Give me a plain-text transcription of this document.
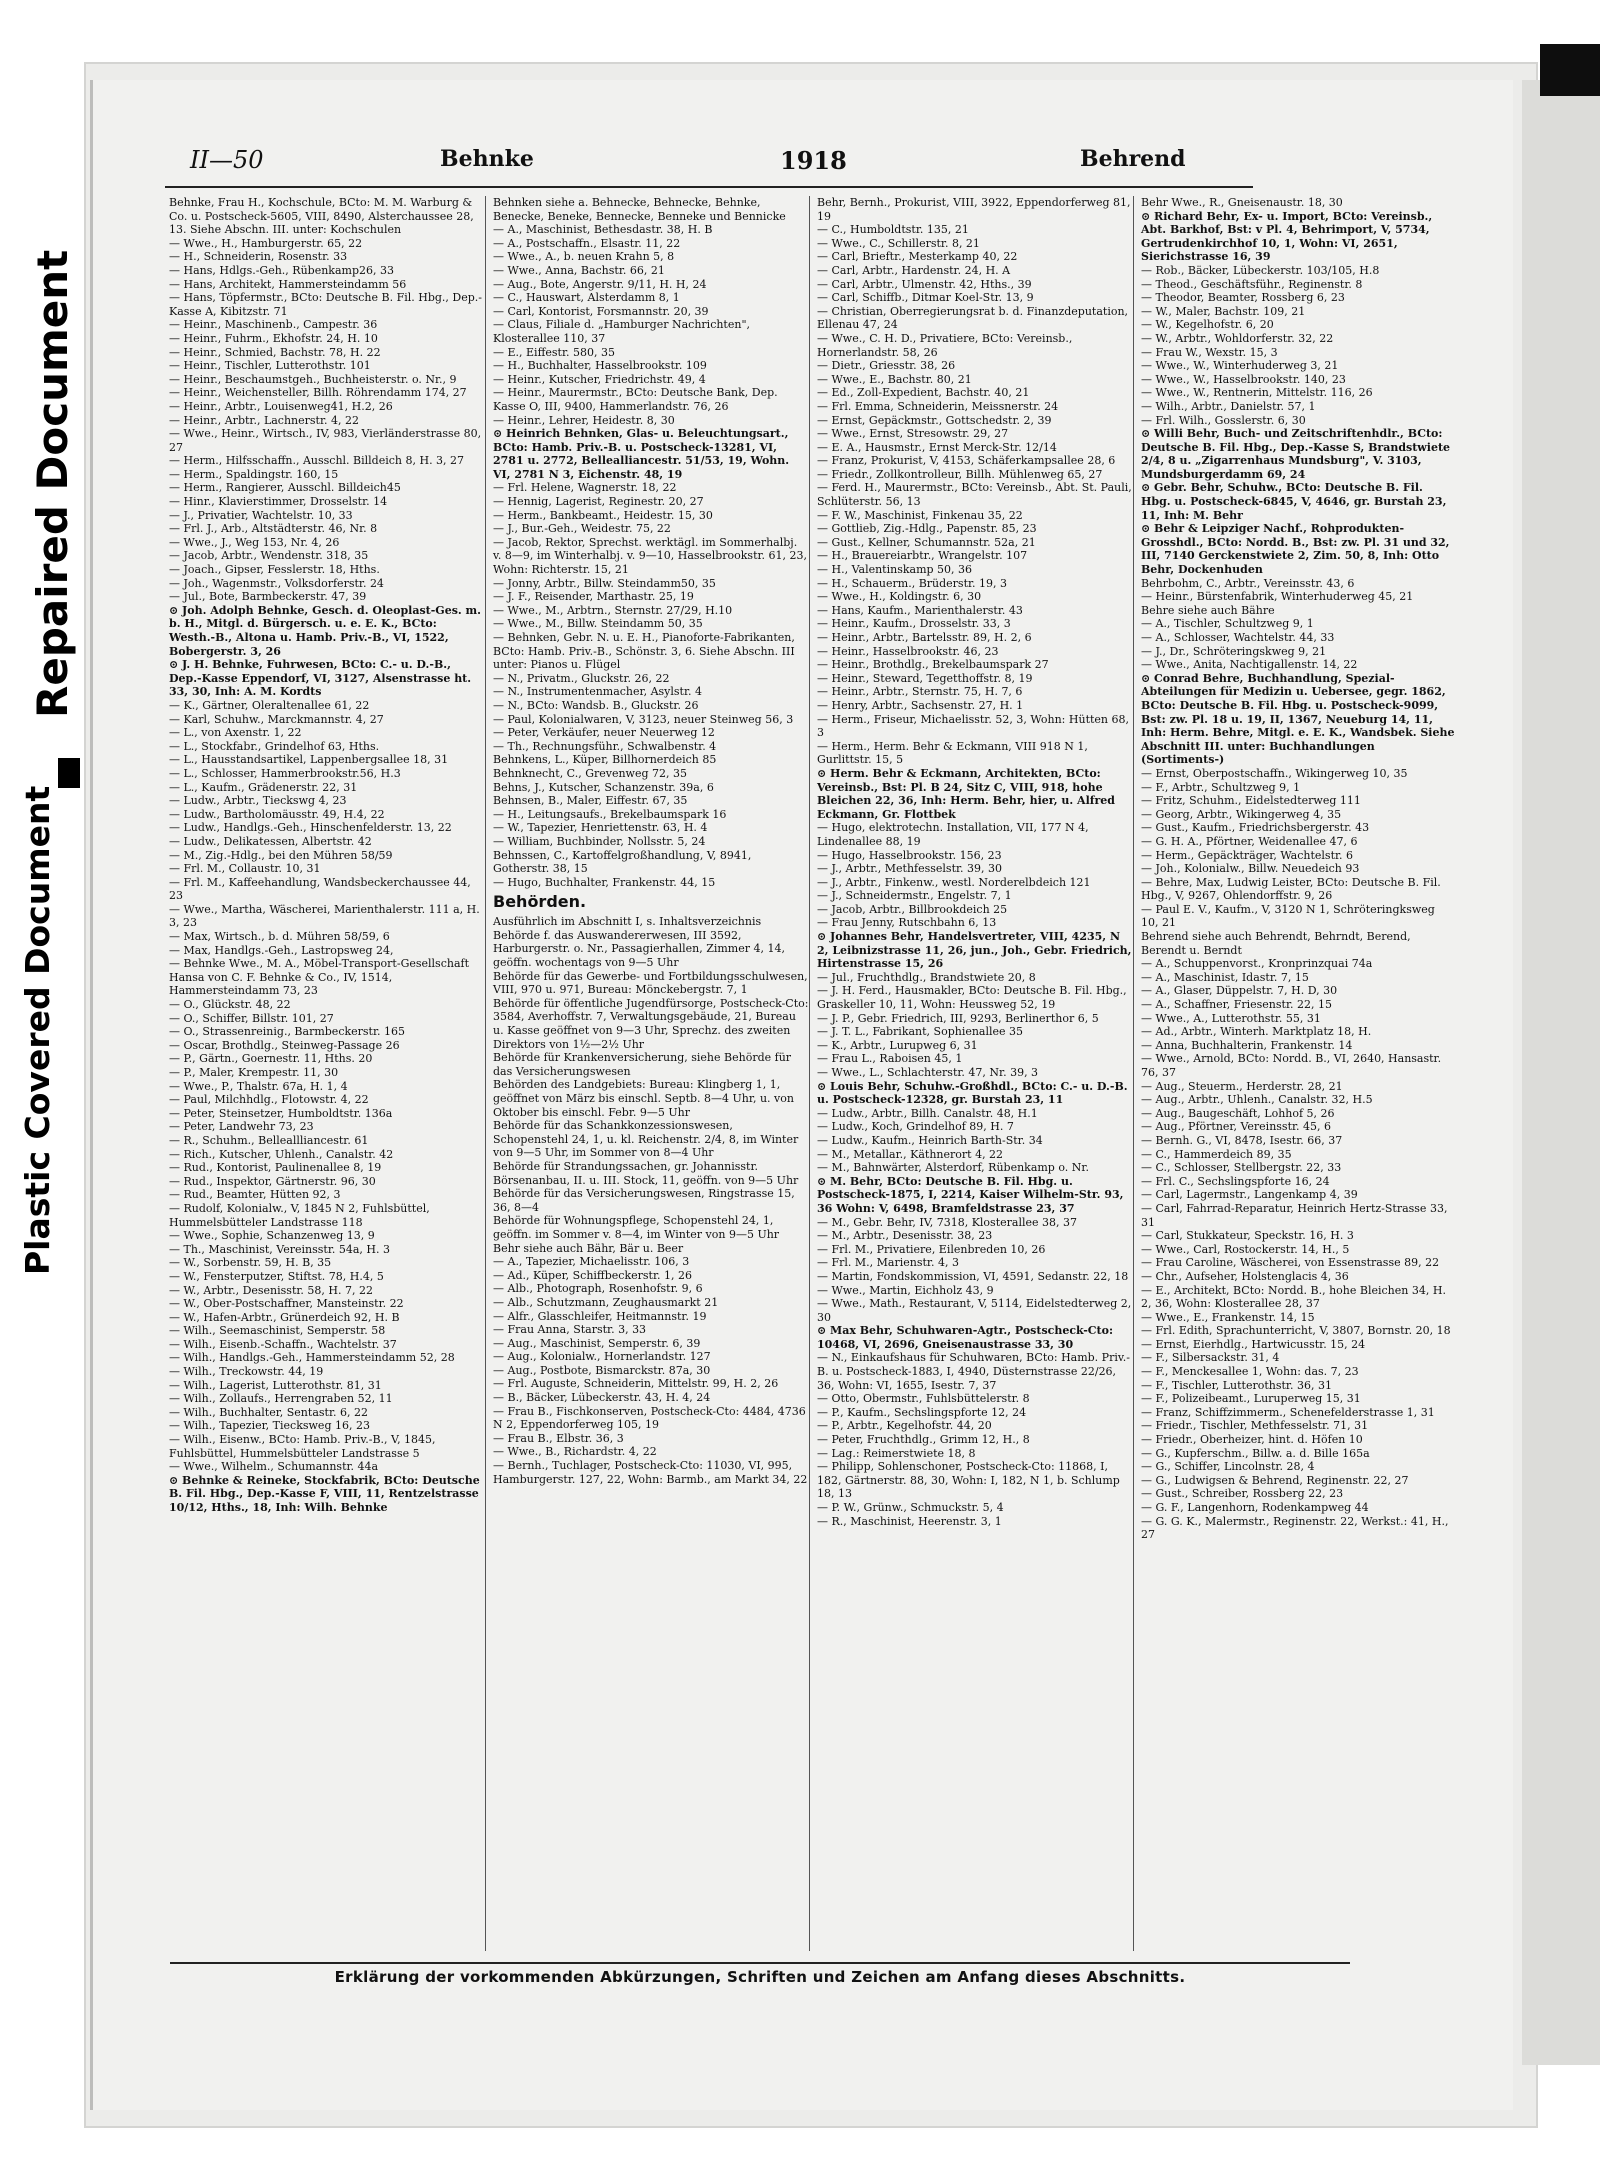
Plastic Covered Document
Repaired Document
II—50	Behnke	1918	Behrend

Behnke, Frau H., Kochschule, BCto: M. M. Warburg & Co. u. Postscheck-5605, VIII, 8490, Alsterchaussee 28, 13. Siehe Abschn. III. unter: Kochschulen

— Wwe., H., Hamburgerstr. 65, 22

— H., Schneiderin, Rosenstr. 33

— Hans, Hdlgs.-Geh., Rübenkamp26, 33

— Hans, Architekt, Hammersteindamm 56

— Hans, Töpfermstr., BCto: Deutsche B. Fil. Hbg., Dep.-Kasse A, Kibitzstr. 71

— Heinr., Maschinenb., Campestr. 36

— Heinr., Fuhrm., Ekhofstr. 24, H. 10

— Heinr., Schmied, Bachstr. 78, H. 22

— Heinr., Tischler, Lutterothstr. 101

— Heinr., Beschaumstgeh., Buchheisterstr. o. Nr., 9

— Heinr., Weichensteller, Billh. Röhrendamm 174, 27

— Heinr., Arbtr., Louisenweg41, H.2, 26

— Heinr., Arbtr., Lachnerstr. 4, 22

— Wwe., Heinr., Wirtsch., IV, 983, Vierländerstrasse 80, 27

— Herm., Hilfsschaffn., Ausschl. Billdeich 8, H. 3, 27

— Herm., Spaldingstr. 160, 15

— Herm., Rangierer, Ausschl. Billdeich45

— Hinr., Klavierstimmer, Drosselstr. 14

— J., Privatier, Wachtelstr. 10, 33

— Frl. J., Arb., Altstädterstr. 46, Nr. 8

— Wwe., J., Weg 153, Nr. 4, 26

— Jacob, Arbtr., Wendenstr. 318, 35

— Joach., Gipser, Fesslerstr. 18, Hths.

— Joh., Wagenmstr., Volksdorferstr. 24

— Jul., Bote, Barmbeckerstr. 47, 39

⊙ Joh. Adolph Behnke, Gesch. d. Oleoplast-Ges. m. b. H., Mitgl. d. Bürgersch. u. e. E. K., BCto: Westh.-B., Altona u. Hamb. Priv.-B., VI, 1522, Bobergerstr. 3, 26

⊙ J. H. Behnke, Fuhrwesen, BCto: C.- u. D.-B., Dep.-Kasse Eppendorf, VI, 3127, Alsenstrasse ht. 33, 30, Inh: A. M. Kordts

— K., Gärtner, Oleraltenallee 61, 22

— Karl, Schuhw., Marckmannstr. 4, 27

— L., von Axenstr. 1, 22

— L., Stockfabr., Grindelhof 63, Hths.

— L., Hausstandsartikel, Lappenbergsallee 18, 31

— L., Schlosser, Hammerbrookstr.56, H.3

— L., Kaufm., Grädenerstr. 22, 31

— Ludw., Arbtr., Tieckswg 4, 23

— Ludw., Bartholomäusstr. 49, H.4, 22

— Ludw., Handlgs.-Geh., Hinschenfelderstr. 13, 22

— Ludw., Delikatessen, Albertstr. 42

— M., Zig.-Hdlg., bei den Mühren 58/59

— Frl. M., Collaustr. 10, 31

— Frl. M., Kaffeehandlung, Wandsbeckerchaussee 44, 23

— Wwe., Martha, Wäscherei, Marienthalerstr. 111 a, H. 3, 23

— Max, Wirtsch., b. d. Mühren 58/59, 6

— Max, Handlgs.-Geh., Lastropsweg 24,

— Behnke Wwe., M. A., Möbel-Transport-Gesellschaft Hansa von C. F. Behnke & Co., IV, 1514, Hammersteindamm 73, 23

— O., Glückstr. 48, 22

— O., Schiffer, Billstr. 101, 27

— O., Strassenreinig., Barmbeckerstr. 165

— Oscar, Brothdlg., Steinweg-Passage 26

— P., Gärtn., Goernestr. 11, Hths. 20

— P., Maler, Krempestr. 11, 30

— Wwe., P., Thalstr. 67a, H. 1, 4

— Paul, Milchhdlg., Flotowstr. 4, 22

— Peter, Steinsetzer, Humboldtstr. 136a

— Peter, Landwehr 73, 23

— R., Schuhm., Belleallliancestr. 61

— Rich., Kutscher, Uhlenh., Canalstr. 42

— Rud., Kontorist, Paulinenallee 8, 19

— Rud., Inspektor, Gärtnerstr. 96, 30

— Rud., Beamter, Hütten 92, 3

— Rudolf, Kolonialw., V, 1845 N 2, Fuhlsbüttel, Hummelsbütteler Landstrasse 118

— Wwe., Sophie, Schanzenweg 13, 9

— Th., Maschinist, Vereinsstr. 54a, H. 3

— W., Sorbenstr. 59, H. B, 35

— W., Fensterputzer, Stiftst. 78, H.4, 5

— W., Arbtr., Desenisstr. 58, H. 7, 22

— W., Ober-Postschaffner, Mansteinstr. 22

— W., Hafen-Arbtr., Grünerdeich 92, H. B

— Wilh., Seemaschinist, Semperstr. 58

— Wilh., Eisenb.-Schaffn., Wachtelstr. 37

— Wilh., Handlgs.-Geh., Hammersteindamm 52, 28

— Wilh., Treckowstr. 44, 19

— Wilh., Lagerist, Lutterothstr. 81, 31

— Wilh., Zollaufs., Herrengraben 52, 11

— Wilh., Buchhalter, Sentastr. 6, 22

— Wilh., Tapezier, Tiecksweg 16, 23

— Wilh., Eisenw., BCto: Hamb. Priv.-B., V, 1845, Fuhlsbüttel, Hummelsbütteler Landstrasse 5

— Wwe., Wilhelm., Schumannstr. 44a

⊙ Behnke & Reineke, Stockfabrik, BCto: Deutsche B. Fil. Hbg., Dep.-Kasse F, VIII, 11, Rentzelstrasse 10/12, Hths., 18, Inh: Wilh. Behnke

Behnken siehe a. Behnecke, Behnecke, Behnke, Benecke, Beneke, Bennecke, Benneke und Bennicke

— A., Maschinist, Bethesdastr. 38, H. B

— A., Postschaffn., Elsastr. 11, 22

— Wwe., A., b. neuen Krahn 5, 8

— Wwe., Anna, Bachstr. 66, 21

— Aug., Bote, Angerstr. 9/11, H. H, 24

— C., Hauswart, Alsterdamm 8, 1

— Carl, Kontorist, Forsmannstr. 20, 39

— Claus, Filiale d. „Hamburger Nachrichten", Klosterallee 110, 37

— E., Eiffestr. 580, 35

— H., Buchhalter, Hasselbrookstr. 109

— Heinr., Kutscher, Friedrichstr. 49, 4

— Heinr., Maurermstr., BCto: Deutsche Bank, Dep. Kasse O, III, 9400, Hammerlandstr. 76, 26

— Heinr., Lehrer, Heidestr. 8, 30

⊙ Heinrich Behnken, Glas- u. Beleuchtungsart., BCto: Hamb. Priv.-B. u. Postscheck-13281, VI, 2781 u. 2772, Bellealliancestr. 51/53, 19, Wohn. VI, 2781 N 3, Eichenstr. 48, 19

— Frl. Helene, Wagnerstr. 18, 22

— Hennig, Lagerist, Reginestr. 20, 27

— Herm., Bankbeamt., Heidestr. 15, 30

— J., Bur.-Geh., Weidestr. 75, 22

— Jacob, Rektor, Sprechst. werktägl. im Sommerhalbj. v. 8—9, im Winterhalbj. v. 9—10, Hasselbrookstr. 61, 23, Wohn: Richterstr. 15, 21

— Jonny, Arbtr., Billw. Steindamm50, 35

— J. F., Reisender, Marthastr. 25, 19

— Wwe., M., Arbtrn., Sternstr. 27/29, H.10

— Wwe., M., Billw. Steindamm 50, 35

— Behnken, Gebr. N. u. E. H., Pianoforte-Fabrikanten, BCto: Hamb. Priv.-B., Schönstr. 3, 6. Siehe Abschn. III unter: Pianos u. Flügel

— N., Privatm., Gluckstr. 26, 22

— N., Instrumentenmacher, Asylstr. 4

— N., BCto: Wandsb. B., Gluckstr. 26

— Paul, Kolonialwaren, V, 3123, neuer Steinweg 56, 3

— Peter, Verkäufer, neuer Neuerweg 12

— Th., Rechnungsführ., Schwalbenstr. 4

Behnkens, L., Küper, Billhornerdeich 85

Behnknecht, C., Grevenweg 72, 35

Behns, J., Kutscher, Schanzenstr. 39a, 6

Behnsen, B., Maler, Eiffestr. 67, 35

— H., Leitungsaufs., Brekelbaumspark 16

— W., Tapezier, Henriettenstr. 63, H. 4

— William, Buchbinder, Nollsstr. 5, 24

Behnssen, C., Kartoffelgroßhandlung, V, 8941, Gotherstr. 38, 15

— Hugo, Buchhalter, Frankenstr. 44, 15

Behörden.

Ausführlich im Abschnitt I, s. Inhaltsverzeichnis

Behörde f. das Auswandererwesen, III 3592, Harburgerstr. o. Nr., Passagierhallen, Zimmer 4, 14, geöffn. wochentags von 9—5 Uhr

Behörde für das Gewerbe- und Fortbildungsschulwesen, VIII, 970 u. 971, Bureau: Mönckebergstr. 7, 1

Behörde für öffentliche Jugendfürsorge, Postscheck-Cto: 3584, Averhoffstr. 7, Verwaltungsgebäude, 21, Bureau u. Kasse geöffnet von 9—3 Uhr, Sprechz. des zweiten Direktors von 1½—2½ Uhr

Behörde für Krankenversicherung, siehe Behörde für das Versicherungswesen

Behörden des Landgebiets: Bureau: Klingberg 1, 1, geöffnet von März bis einschl. Septb. 8—4 Uhr, u. von Oktober bis einschl. Febr. 9—5 Uhr

Behörde für das Schankkonzessionswesen, Schopenstehl 24, 1, u. kl. Reichenstr. 2/4, 8, im Winter von 9—5 Uhr, im Sommer von 8—4 Uhr

Behörde für Strandungssachen, gr. Johannisstr. Börsenanbau, II. u. III. Stock, 11, geöffn. von 9—5 Uhr

Behörde für das Versicherungswesen, Ringstrasse 15, 36, 8—4

Behörde für Wohnungspflege, Schopenstehl 24, 1, geöffn. im Sommer v. 8—4, im Winter von 9—5 Uhr

Behr siehe auch Bähr, Bär u. Beer

— A., Tapezier, Michaelisstr. 106, 3

— Ad., Küper, Schiffbeckerstr. 1, 26

— Alb., Photograph, Rosenhofstr. 9, 6

— Alb., Schutzmann, Zeughausmarkt 21

— Alfr., Glasschleifer, Heitmannstr. 19

— Frau Anna, Starstr. 3, 33

— Aug., Maschinist, Semperstr. 6, 39

— Aug., Kolonialw., Hornerlandstr. 127

— Aug., Postbote, Bismarckstr. 87a, 30

— Frl. Auguste, Schneiderin, Mittelstr. 99, H. 2, 26

— B., Bäcker, Lübeckerstr. 43, H. 4, 24

— Frau B., Fischkonserven, Postscheck-Cto: 4484, 4736 N 2, Eppendorferweg 105, 19

— Frau B., Elbstr. 36, 3

— Wwe., B., Richardstr. 4, 22

— Bernh., Tuchlager, Postscheck-Cto: 11030, VI, 995, Hamburgerstr. 127, 22, Wohn: Barmb., am Markt 34, 22

Behr, Bernh., Prokurist, VIII, 3922, Eppendorferweg 81, 19

— C., Humboldtstr. 135, 21

— Wwe., C., Schillerstr. 8, 21

— Carl, Brieftr., Mesterkamp 40, 22

— Carl, Arbtr., Hardenstr. 24, H. A

— Carl, Arbtr., Ulmenstr. 42, Hths., 39

— Carl, Schiffb., Ditmar Koel-Str. 13, 9

— Christian, Oberregierungsrat b. d. Finanzdeputation, Ellenau 47, 24

— Wwe., C. H. D., Privatiere, BCto: Vereinsb., Hornerlandstr. 58, 26

— Dietr., Griesstr. 38, 26

— Wwe., E., Bachstr. 80, 21

— Ed., Zoll-Expedient, Bachstr. 40, 21

— Frl. Emma, Schneiderin, Meissnerstr. 24

— Ernst, Gepäckmstr., Gottschedstr. 2, 39

— Wwe., Ernst, Stresowstr. 29, 27

— E. A., Hausmstr., Ernst Merck-Str. 12/14

— Franz, Prokurist, V, 4153, Schäferkampsallee 28, 6

— Friedr., Zollkontrolleur, Billh. Mühlenweg 65, 27

— Ferd. H., Maurermstr., BCto: Vereinsb., Abt. St. Pauli, Schlüterstr. 56, 13

— F. W., Maschinist, Finkenau 35, 22

— Gottlieb, Zig.-Hdlg., Papenstr. 85, 23

— Gust., Kellner, Schumannstr. 52a, 21

— H., Brauereiarbtr., Wrangelstr. 107

— H., Valentinskamp 50, 36

— H., Schauerm., Brüderstr. 19, 3

— Wwe., H., Koldingstr. 6, 30

— Hans, Kaufm., Marienthalerstr. 43

— Heinr., Kaufm., Drosselstr. 33, 3

— Heinr., Arbtr., Bartelsstr. 89, H. 2, 6

— Heinr., Hasselbrookstr. 46, 23

— Heinr., Brothdlg., Brekelbaumspark 27

— Heinr., Steward, Tegetthoffstr. 8, 19

— Heinr., Arbtr., Sternstr. 75, H. 7, 6

— Henry, Arbtr., Sachsenstr. 27, H. 1

— Herm., Friseur, Michaelisstr. 52, 3, Wohn: Hütten 68, 3

— Herm., Herm. Behr & Eckmann, VIII 918 N 1, Gurlittstr. 15, 5

⊙ Herm. Behr & Eckmann, Architekten, BCto: Vereinsb., Bst: Pl. B 24, Sitz C, VIII, 918, hohe Bleichen 22, 36, Inh: Herm. Behr, hier, u. Alfred Eckmann, Gr. Flottbek

— Hugo, elektrotechn. Installation, VII, 177 N 4, Lindenallee 88, 19

— Hugo, Hasselbrookstr. 156, 23

— J., Arbtr., Methfesselstr. 39, 30

— J., Arbtr., Finkenw., westl. Norderelbdeich 121

— J., Schneidermstr., Engelstr. 7, 1

— Jacob, Arbtr., Billbrookdeich 25

— Frau Jenny, Rutschbahn 6, 13

⊙ Johannes Behr, Handelsvertreter, VIII, 4235, N 2, Leibnizstrasse 11, 26, jun., Joh., Gebr. Friedrich, Hirtenstrasse 15, 26

— Jul., Fruchthdlg., Brandstwiete 20, 8

— J. H. Ferd., Hausmakler, BCto: Deutsche B. Fil. Hbg., Graskeller 10, 11, Wohn: Heussweg 52, 19

— J. P., Gebr. Friedrich, III, 9293, Berlinerthor 6, 5

— J. T. L., Fabrikant, Sophienallee 35

— K., Arbtr., Lurupweg 6, 31

— Frau L., Raboisen 45, 1

— Wwe., L., Schlachterstr. 47, Nr. 39, 3

⊙ Louis Behr, Schuhw.-Großhdl., BCto: C.- u. D.-B. u. Postscheck-12328, gr. Burstah 23, 11

— Ludw., Arbtr., Billh. Canalstr. 48, H.1

— Ludw., Koch, Grindelhof 89, H. 7

— Ludw., Kaufm., Heinrich Barth-Str. 34

— M., Metallar., Käthnerort 4, 22

— M., Bahnwärter, Alsterdorf, Rübenkamp o. Nr.

⊙ M. Behr, BCto: Deutsche B. Fil. Hbg. u. Postscheck-1875, I, 2214, Kaiser Wilhelm-Str. 93, 36 Wohn: V, 6498, Bramfeldstrasse 23, 37

— M., Gebr. Behr, IV, 7318, Klosterallee 38, 37

— M., Arbtr., Desenisstr. 38, 23

— Frl. M., Privatiere, Eilenbreden 10, 26

— Frl. M., Marienstr. 4, 3

— Martin, Fondskommission, VI, 4591, Sedanstr. 22, 18

— Wwe., Martin, Eichholz 43, 9

— Wwe., Math., Restaurant, V, 5114, Eidelstedterweg 2, 30

⊙ Max Behr, Schuhwaren-Agtr., Postscheck-Cto: 10468, VI, 2696, Gneisenaustrasse 33, 30

— N., Einkaufshaus für Schuhwaren, BCto: Hamb. Priv.-B. u. Postscheck-1883, I, 4940, Düsternstrasse 22/26, 36, Wohn: VI, 1655, Isestr. 7, 37

— Otto, Obermstr., Fuhlsbüttelerstr. 8

— P., Kaufm., Sechslingspforte 12, 24

— P., Arbtr., Kegelhofstr. 44, 20

— Peter, Fruchthdlg., Grimm 12, H., 8

— Lag.: Reimerstwiete 18, 8

— Philipp, Sohlenschoner, Postscheck-Cto: 11868, I, 182, Gärtnerstr. 88, 30, Wohn: I, 182, N 1, b. Schlump 18, 13

— P. W., Grünw., Schmuckstr. 5, 4

— R., Maschinist, Heerenstr. 3, 1

Behr Wwe., R., Gneisenaustr. 18, 30

⊙ Richard Behr, Ex- u. Import, BCto: Vereinsb., Abt. Barkhof, Bst: v Pl. 4, Behrimport, V, 5734, Gertrudenkirchhof 10, 1, Wohn: VI, 2651, Sierichstrasse 16, 39

— Rob., Bäcker, Lübeckerstr. 103/105, H.8

— Theod., Geschäftsführ., Reginenstr. 8

— Theodor, Beamter, Rossberg 6, 23

— W., Maler, Bachstr. 109, 21

— W., Kegelhofstr. 6, 20

— W., Arbtr., Wohldorferstr. 32, 22

— Frau W., Wexstr. 15, 3

— Wwe., W., Winterhuderweg 3, 21

— Wwe., W., Hasselbrookstr. 140, 23

— Wwe., W., Rentnerin, Mittelstr. 116, 26

— Wilh., Arbtr., Danielstr. 57, 1

— Frl. Wilh., Gosslerstr. 6, 30

⊙ Willi Behr, Buch- und Zeitschriftenhdlr., BCto: Deutsche B. Fil. Hbg., Dep.-Kasse S, Brandstwiete 2/4, 8 u. „Zigarrenhaus Mundsburg", V. 3103, Mundsburgerdamm 69, 24

⊙ Gebr. Behr, Schuhw., BCto: Deutsche B. Fil. Hbg. u. Postscheck-6845, V, 4646, gr. Burstah 23, 11, Inh: M. Behr

⊙ Behr & Leipziger Nachf., Rohprodukten-Grosshdl., BCto: Nordd. B., Bst: zw. Pl. 31 und 32, III, 7140 Gerckenstwiete 2, Zim. 50, 8, Inh: Otto Behr, Dockenhuden

Behrbohm, C., Arbtr., Vereinsstr. 43, 6

— Heinr., Bürstenfabrik, Winterhuderweg 45, 21

Behre siehe auch Bähre

— A., Tischler, Schultzweg 9, 1

— A., Schlosser, Wachtelstr. 44, 33

— J., Dr., Schröteringskweg 9, 21

— Wwe., Anita, Nachtigallenstr. 14, 22

⊙ Conrad Behre, Buchhandlung, Spezial-Abteilungen für Medizin u. Uebersee, gegr. 1862, BCto: Deutsche B. Fil. Hbg. u. Postscheck-9099, Bst: zw. Pl. 18 u. 19, II, 1367, Neueburg 14, 11, Inh: Herm. Behre, Mitgl. e. E. K., Wandsbek. Siehe Abschnitt III. unter: Buchhandlungen (Sortiments-)

— Ernst, Oberpostschaffn., Wikingerweg 10, 35

— F., Arbtr., Schultzweg 9, 1

— Fritz, Schuhm., Eidelstedterweg 111

— Georg, Arbtr., Wikingerweg 4, 35

— Gust., Kaufm., Friedrichsbergerstr. 43

— G. H. A., Pförtner, Weidenallee 47, 6

— Herm., Gepäckträger, Wachtelstr. 6

— Joh., Kolonialw., Billw. Neuedeich 93

— Behre, Max, Ludwig Leister, BCto: Deutsche B. Fil. Hbg., V, 9267, Ohlendorffstr. 9, 26

— Paul E. V., Kaufm., V, 3120 N 1, Schröteringksweg 10, 21

Behrend siehe auch Behrendt, Behrndt, Berend, Berendt u. Berndt

— A., Schuppenvorst., Kronprinzquai 74a

— A., Maschinist, Idastr. 7, 15

— A., Glaser, Düppelstr. 7, H. D, 30

— A., Schaffner, Friesenstr. 22, 15

— Wwe., A., Lutterothstr. 55, 31

— Ad., Arbtr., Winterh. Marktplatz 18, H.

— Anna, Buchhalterin, Frankenstr. 14

— Wwe., Arnold, BCto: Nordd. B., VI, 2640, Hansastr. 76, 37

— Aug., Steuerm., Herderstr. 28, 21

— Aug., Arbtr., Uhlenh., Canalstr. 32, H.5

— Aug., Baugeschäft, Lohhof 5, 26

— Aug., Pförtner, Vereinsstr. 45, 6

— Bernh. G., VI, 8478, Isestr. 66, 37

— C., Hammerdeich 89, 35

— C., Schlosser, Stellbergstr. 22, 33

— Frl. C., Sechslingspforte 16, 24

— Carl, Lagermstr., Langenkamp 4, 39

— Carl, Fahrrad-Reparatur, Heinrich Hertz-Strasse 33, 31

— Carl, Stukkateur, Speckstr. 16, H. 3

— Wwe., Carl, Rostockerstr. 14, H., 5

— Frau Caroline, Wäscherei, von Essenstrasse 89, 22

— Chr., Aufseher, Holstenglacis 4, 36

— E., Architekt, BCto: Nordd. B., hohe Bleichen 34, H. 2, 36, Wohn: Klosterallee 28, 37

— Wwe., E., Frankenstr. 14, 15

— Frl. Edith, Sprachunterricht, V, 3807, Bornstr. 20, 18

— Ernst, Eierhdlg., Hartwicusstr. 15, 24

— F., Silbersackstr. 31, 4

— F., Menckesallee 1, Wohn: das. 7, 23

— F., Tischler, Lutterothstr. 36, 31

— F., Polizeibeamt., Luruperweg 15, 31

— Franz, Schiffzimmerm., Schenefelderstrasse 1, 31

— Friedr., Tischler, Methfesselstr. 71, 31

— Friedr., Oberheizer, hint. d. Höfen 10

— G., Kupferschm., Billw. a. d. Bille 165a

— G., Schiffer, Lincolnstr. 28, 4

— G., Ludwigsen & Behrend, Reginenstr. 22, 27

— Gust., Schreiber, Rossberg 22, 23

— G. F., Langenhorn, Rodenkampweg 44

— G. G. K., Malermstr., Reginenstr. 22, Werkst.: 41, H., 27

Erklärung der vorkommenden Abkürzungen, Schriften und Zeichen am Anfang dieses Abschnitts.
